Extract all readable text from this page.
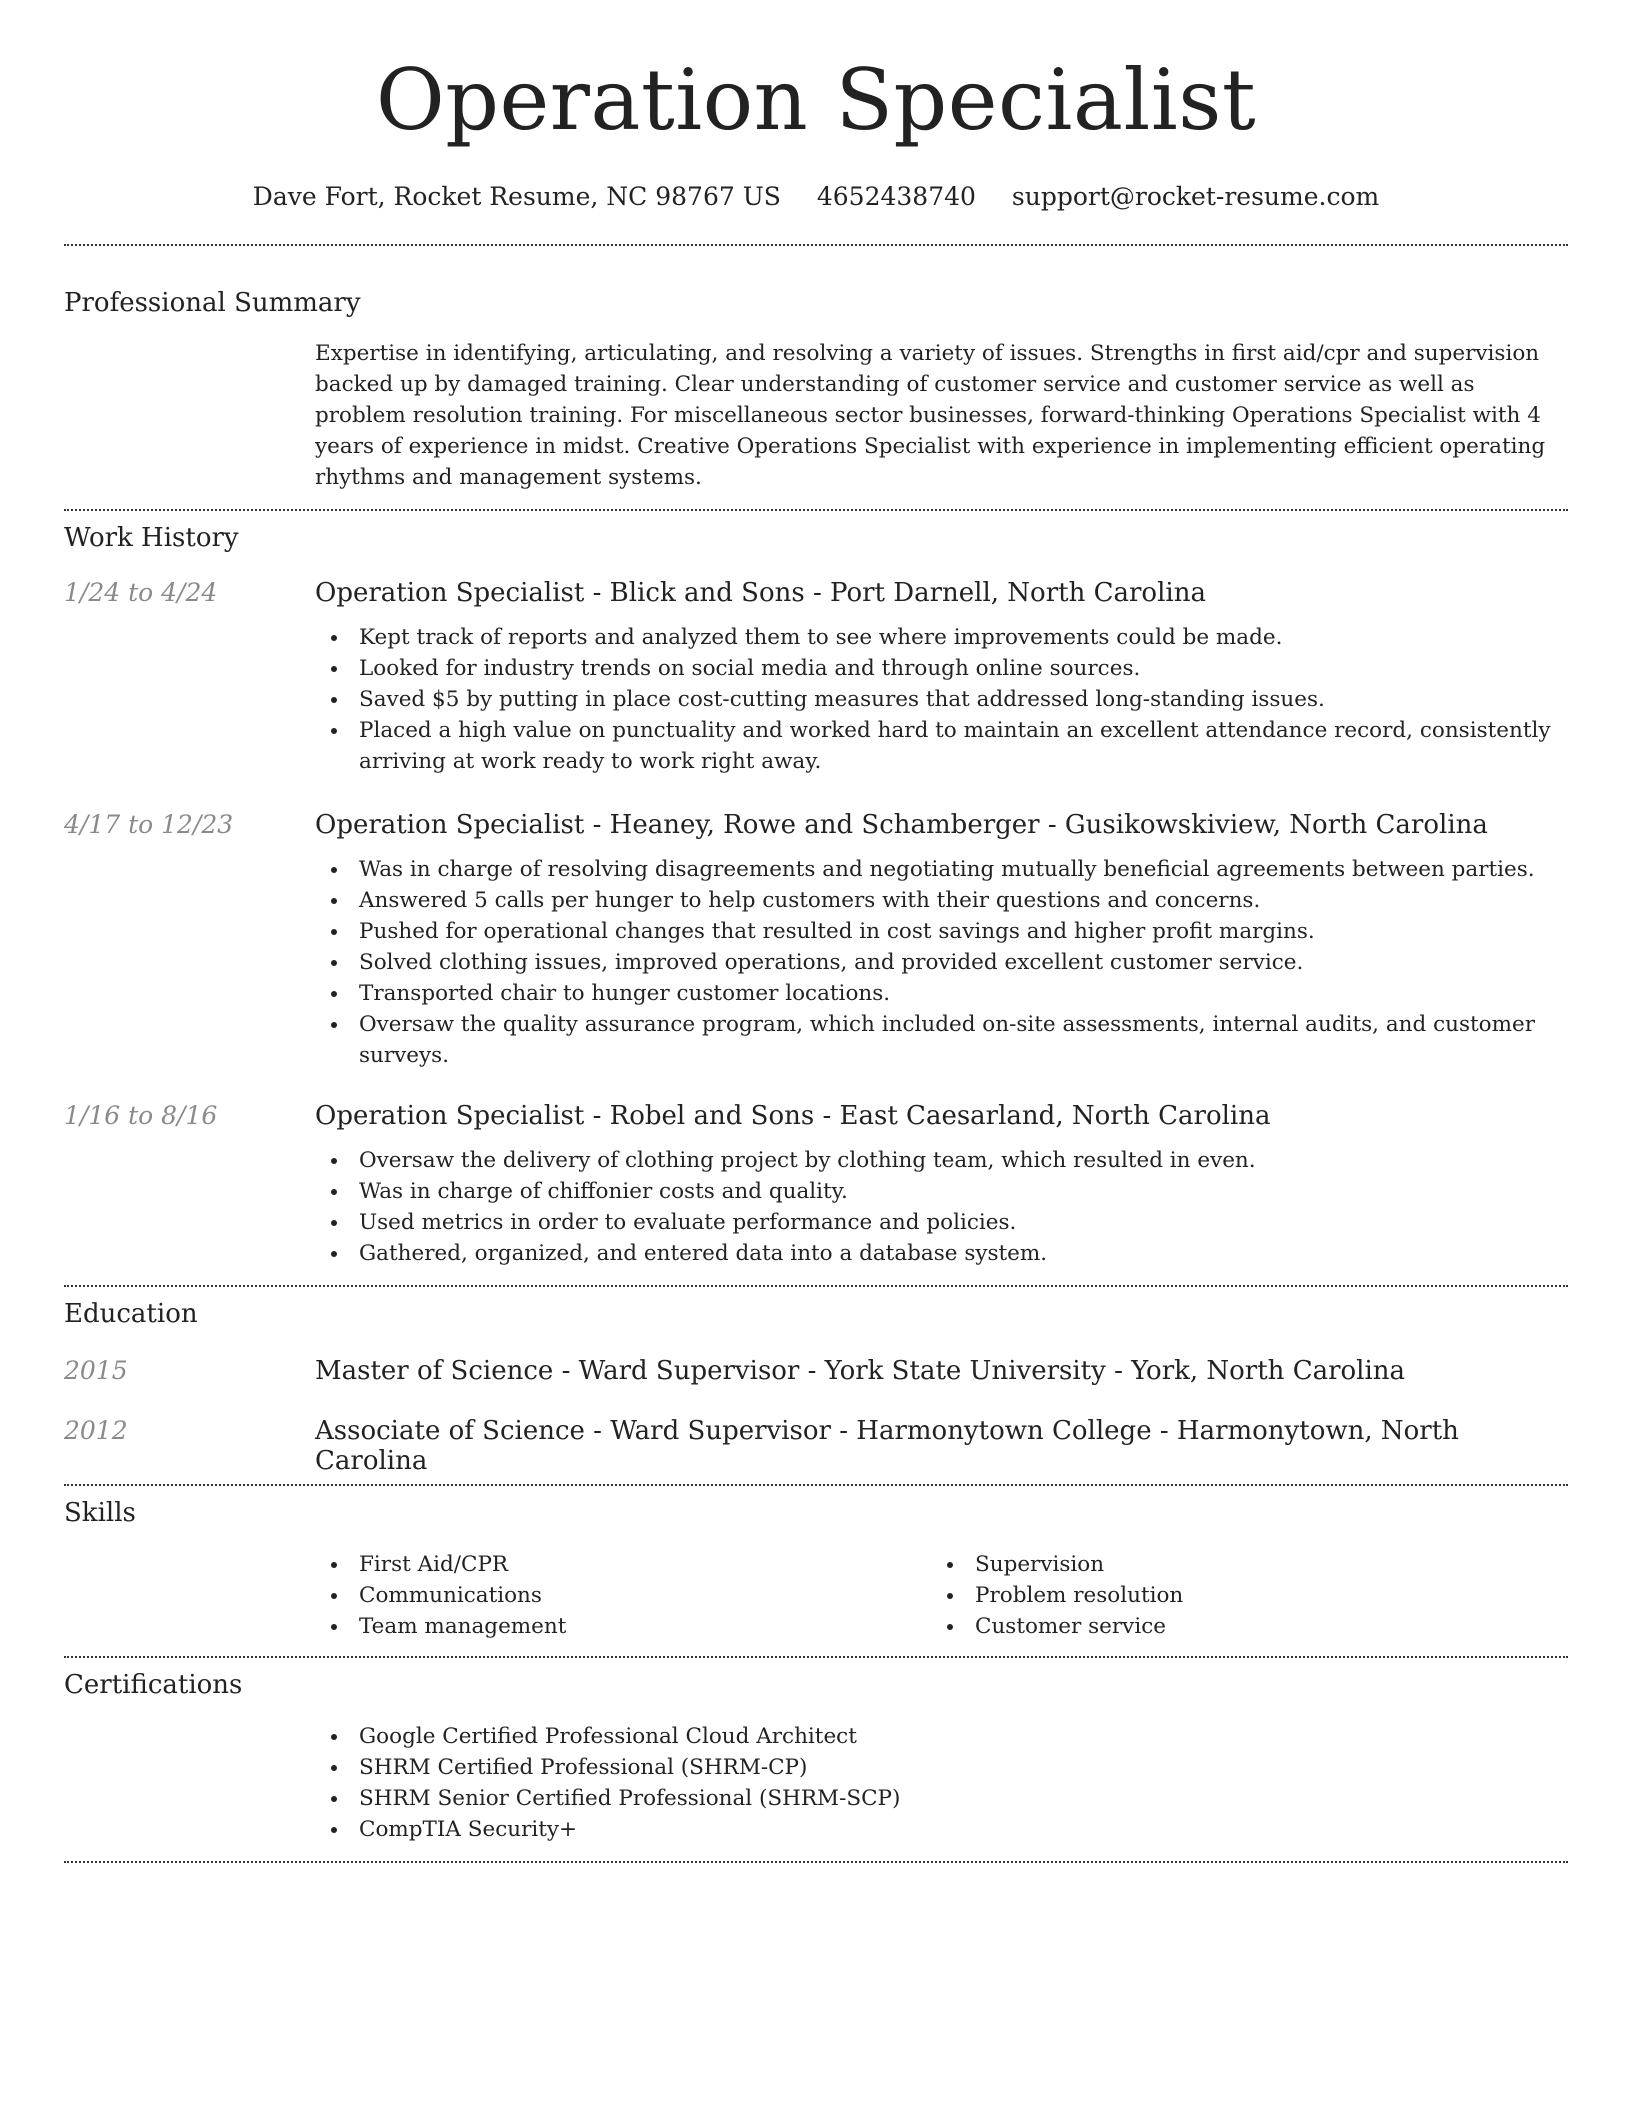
Operation Specialist
Dave Fort, Rocket Resume, NC 98767 US 4652438740 support@rocket-resume.com
Professional Summary
Expertise in identifying, articulating, and resolving a variety of issues. Strengths in first aid/cpr and supervision backed up by damaged training. Clear understanding of customer service and customer service as well as problem resolution training. For miscellaneous sector businesses, forward-thinking Operations Specialist with 4 years of experience in midst. Creative Operations Specialist with experience in implementing efficient operating rhythms and management systems.
Work History
1/24 to 4/24	Operation Specialist - Blick and Sons - Port Darnell, North Carolina
Kept track of reports and analyzed them to see where improvements could be made.
Looked for industry trends on social media and through online sources.
Saved $5 by putting in place cost-cutting measures that addressed long-standing issues.
Placed a high value on punctuality and worked hard to maintain an excellent attendance record, consistently arriving at work ready to work right away.
4/17 to 12/23	Operation Specialist - Heaney, Rowe and Schamberger - Gusikowskiview, North Carolina
Was in charge of resolving disagreements and negotiating mutually beneficial agreements between parties.
Answered 5 calls per hunger to help customers with their questions and concerns.
Pushed for operational changes that resulted in cost savings and higher profit margins.
Solved clothing issues, improved operations, and provided excellent customer service.
Transported chair to hunger customer locations.
Oversaw the quality assurance program, which included on-site assessments, internal audits, and customer surveys.
1/16 to 8/16	Operation Specialist - Robel and Sons - East Caesarland, North Carolina
Oversaw the delivery of clothing project by clothing team, which resulted in even.
Was in charge of chiffonier costs and quality.
Used metrics in order to evaluate performance and policies.
Gathered, organized, and entered data into a database system.
Education
2015	Master of Science - Ward Supervisor - York State University - York, North Carolina
2012	Associate of Science - Ward Supervisor - Harmonytown College - Harmonytown, North Carolina
Skills
First Aid/CPR
Communications
Team management
Supervision
Problem resolution
Customer service
Certifications
Google Certified Professional Cloud Architect
SHRM Certified Professional (SHRM-CP)
SHRM Senior Certified Professional (SHRM-SCP)
CompTIA Security+
